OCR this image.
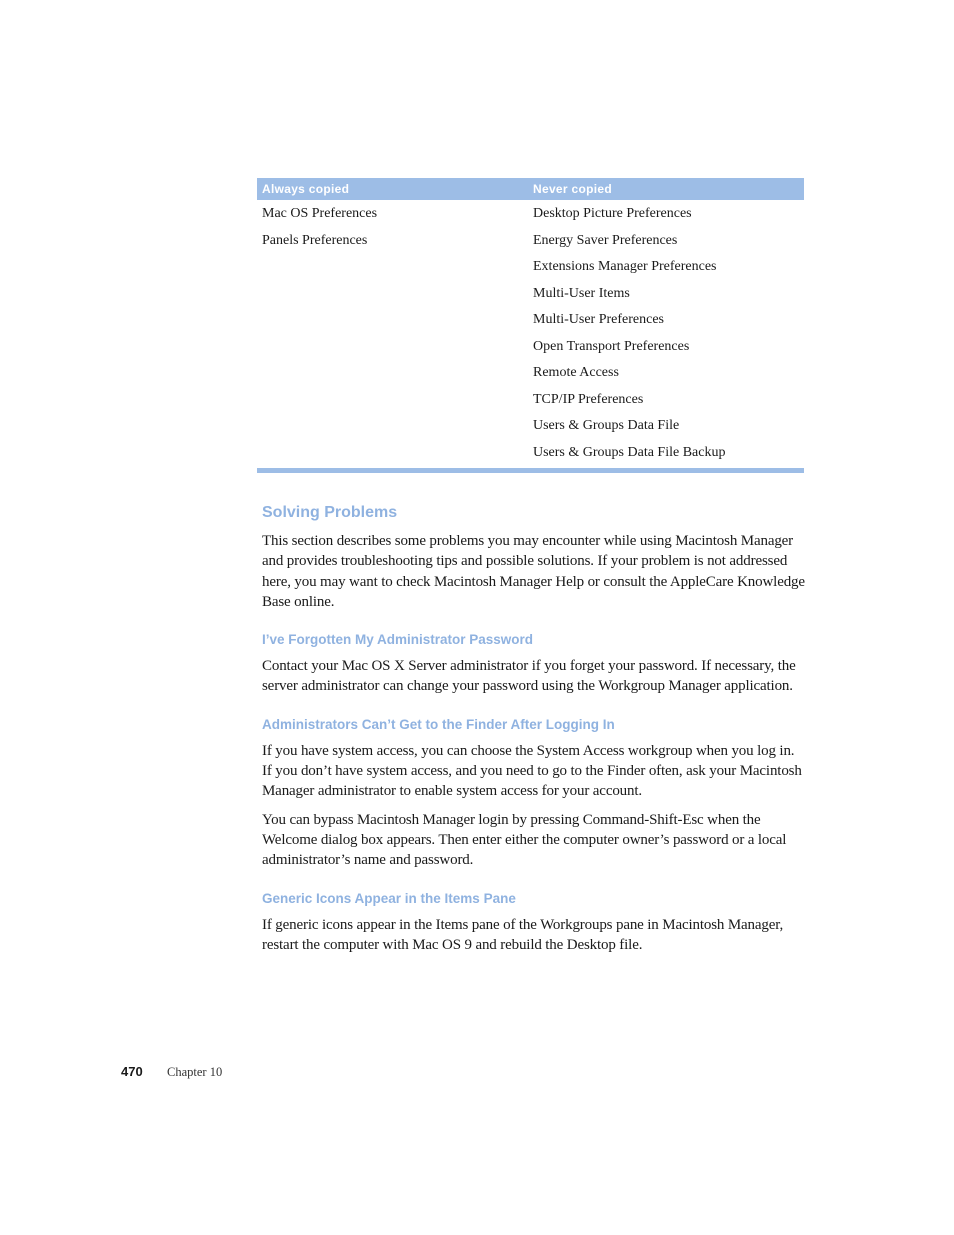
Always copied	Never copied
Mac OS Preferences
Panels Preferences
Desktop Picture Preferences
Energy Saver Preferences
Extensions Manager Preferences
Multi-User Items
Multi-User Preferences
Open Transport Preferences
Remote Access
TCP/IP Preferences
Users & Groups Data File
Users & Groups Data File Backup
Solving Problems

This section describes some problems you may encounter while using Macintosh Manager and provides troubleshooting tips and possible solutions. If your problem is not addressed here, you may want to check Macintosh Manager Help or consult the AppleCare Knowledge Base online.

I’ve Forgotten My Administrator Password

Contact your Mac OS X Server administrator if you forget your password. If necessary, the server administrator can change your password using the Workgroup Manager application.

Administrators Can’t Get to the Finder After Logging In

If you have system access, you can choose the System Access workgroup when you log in. If you don’t have system access, and you need to go to the Finder often, ask your Macintosh Manager administrator to enable system access for your account.

You can bypass Macintosh Manager login by pressing Command-Shift-Esc when the Welcome dialog box appears. Then enter either the computer owner’s password or a local administrator’s name and password.

Generic Icons Appear in the Items Pane

If generic icons appear in the Items pane of the Workgroups pane in Macintosh Manager, restart the computer with Mac OS 9 and rebuild the Desktop file.

470	Chapter 10
